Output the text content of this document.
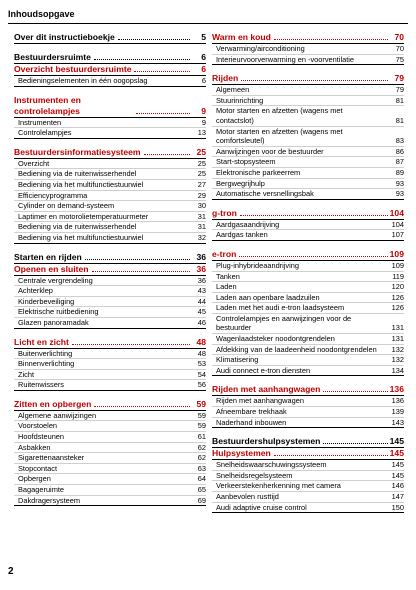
Inhoudsopgave
Over dit instructieboekje	5
Bestuurdersruimte	6
Overzicht bestuurdersruimte	6
Bedieningselementen in één oogopslag	6
Instrumenten en controlelampjes	9
Instrumenten	9
Controlelampjes	13
Bestuurdersinformatiesysteem	25
Overzicht	25
Bediening via de ruitenwisserhendel	25
Bediening via het multifunctiestuurwiel	27
Efficiencyprogramma	29
Cylinder on demand-systeem	30
Laptimer en motorolietemperatuurmeter	31
Bediening via de ruitenwisserhendel	31
Bediening via het multifunctiestuurwiel	32
Starten en rijden	36
Openen en sluiten	36
Centrale vergrendeling	36
Achterklep	43
Kinderbeveiliging	44
Elektrische ruitbediening	45
Glazen panoramadak	46
Licht en zicht	48
Buitenverlichting	48
Binnenverlichting	53
Zicht	54
Ruitenwissers	56
Zitten en opbergen	59
Algemene aanwijzingen	59
Voorstoelen	59
Hoofdsteunen	61
Asbakken	62
Sigarettenaansteker	62
Stopcontact	63
Opbergen	64
Bagageruimte	65
Dakdragersysteem	69
Warm en koud	70
Verwarming/airconditioning	70
Interieurvoorverwarming en -voorventilatie	75
Rijden	79
Algemeen	79
Stuurinrichting	81
Motor starten en afzetten (wagens met contactslot)	81
Motor starten en afzetten (wagens met comfortsleutel)	83
Aanwijzingen voor de bestuurder	86
Start-stopsysteem	87
Elektronische parkeerrem	89
Bergwegrijhulp	93
Automatische versnellingsbak	93
g-tron	104
Aardgasaandrijving	104
Aardgas tanken	107
e-tron	109
Plug-inhybrideaandrijving	109
Tanken	119
Laden	120
Laden aan openbare laadzuilen	126
Laden met het audi e-tron laadsysteem	126
Controlelampjes en aanwijzingen voor de bestuurder	131
Wagenlaadsteker noodontgrendelen	131
Afdekking van de laadeenheid noodontgrendelen 132
Klimatisering	132
Audi connect e-tron diensten	134
Rijden met aanhangwagen	136
Rijden met aanhangwagen	136
Afneembare trekhaak	139
Naderhand inbouwen	143
Bestuurdershulpsystemen	145
Hulpsystemen	145
Snelheidswaarschuwingssysteem	145
Snelheidsregelsysteem	145
Verkeerstekenherkenning met camera	146
Aanbevolen rusttijd	147
Audi adaptive cruise control	150
2
